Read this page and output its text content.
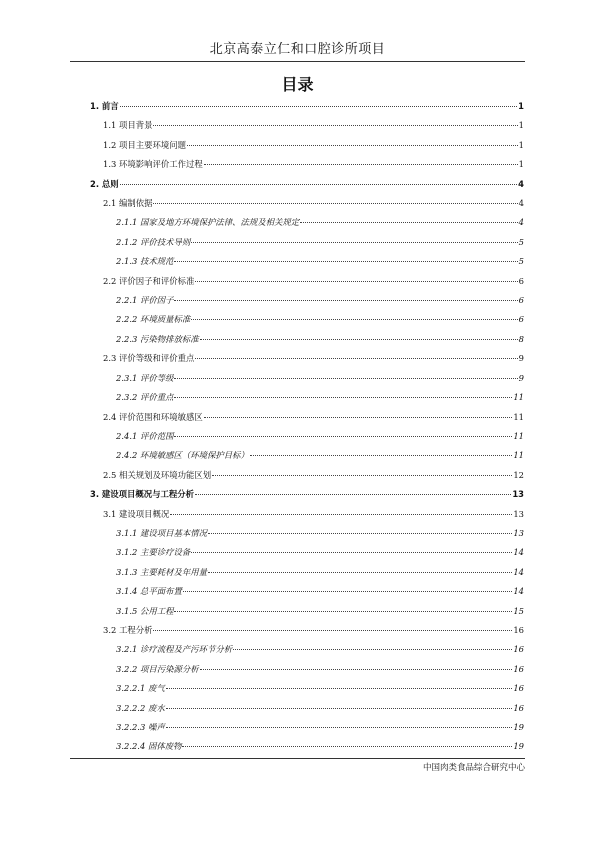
北京高泰立仁和口腔诊所项目
目录
1. 前言	1
1.1 项目背景	1
1.2 项目主要环境问题	1
1.3 环境影响评价工作过程	1
2. 总则	4
2.1 编制依据	4
2.1.1 国家及地方环境保护法律、法规及相关规定	4
2.1.2 评价技术导则	5
2.1.3 技术规范	5
2.2 评价因子和评价标准	6
2.2.1 评价因子	6
2.2.2 环境质量标准	6
2.2.3 污染物排放标准	8
2.3 评价等级和评价重点	9
2.3.1 评价等级	9
2.3.2 评价重点	11
2.4 评价范围和环境敏感区	11
2.4.1 评价范围	11
2.4.2 环境敏感区（环境保护目标）	11
2.5 相关规划及环境功能区划	12
3. 建设项目概况与工程分析	13
3.1 建设项目概况	13
3.1.1 建设项目基本情况	13
3.1.2 主要诊疗设备	14
3.1.3 主要耗材及年用量	14
3.1.4 总平面布置	14
3.1.5 公用工程	15
3.2 工程分析	16
3.2.1 诊疗流程及产污环节分析	16
3.2.2 项目污染源分析	16
3.2.2.1 废气	16
3.2.2.2 废水	16
3.2.2.3 噪声	19
3.2.2.4 固体废物	19
中国肉类食品综合研究中心
